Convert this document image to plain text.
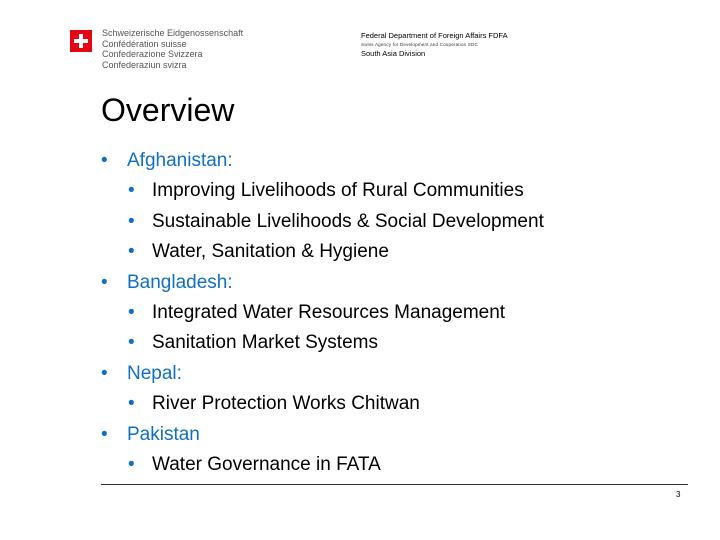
Schweizerische Eidgenossenschaft
Confédération suisse
Confederazione Svizzera
Confederaziun svizra
Federal Department of Foreign Affairs FDFA
Swiss Agency for Development and Cooperation SDC
South Asia Division
Overview
•	Afghanistan:
• Improving Livelihoods of Rural Communities
• Sustainable Livelihoods & Social Development
• Water, Sanitation & Hygiene
•	Bangladesh:
• Integrated Water Resources Management
• Sanitation Market Systems
•	Nepal:
• River Protection Works Chitwan
•	Pakistan
• Water Governance in FATA
3
